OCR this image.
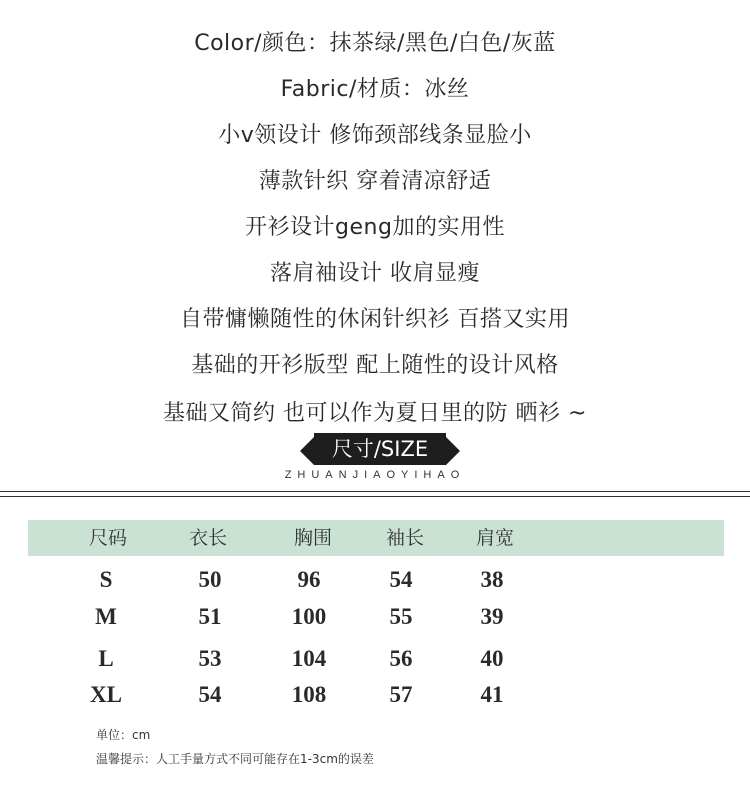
Color/颜色：抹茶绿/黑色/白色/灰蓝
Fabric/材质：冰丝
小v领设计 修饰颈部线条显脸小
薄款针织 穿着清凉舒适
开衫设计geng加的实用性
落肩袖设计 收肩显瘦
自带慵懒随性的休闲针织衫 百搭又实用
基础的开衫版型 配上随性的设计风格
基础又简约 也可以作为夏日里的防 晒衫 ~
尺寸/SIZE
ZHUANJIAOYIHAO
尺码	衣长	胸围	袖长	肩宽
S	50	96	54	38
M	51	100	55	39
L	53	104	56	40
XL	54	108	57	41
单位：cm
温馨提示：人工手量方式不同可能存在1-3cm的误差
